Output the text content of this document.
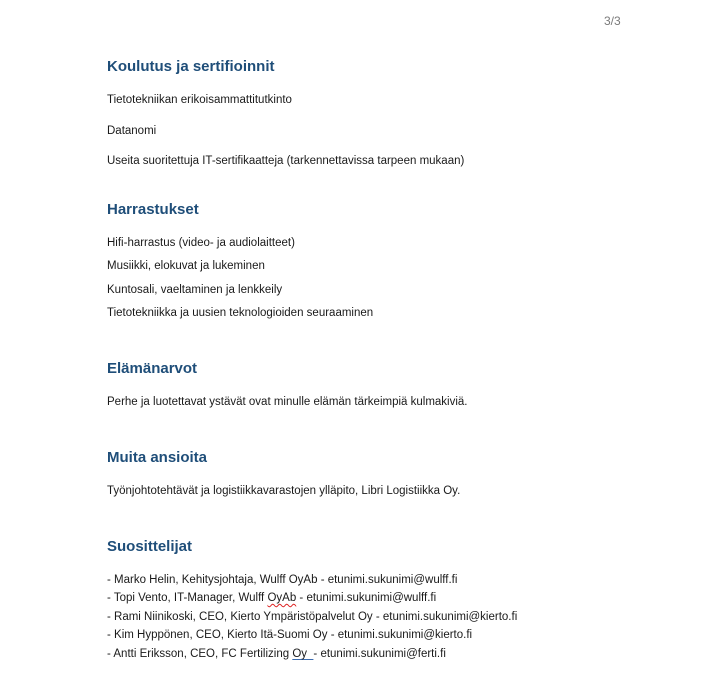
3/3
Koulutus ja sertifioinnit
Tietotekniikan erikoisammattitutkinto
Datanomi
Useita suoritettuja IT-sertifikaatteja (tarkennettavissa tarpeen mukaan)
Harrastukset
Hifi-harrastus (video- ja audiolaitteet)
Musiikki, elokuvat ja lukeminen
Kuntosali, vaeltaminen ja lenkkeily
Tietotekniikka ja uusien teknologioiden seuraaminen
Elämänarvot
Perhe ja luotettavat ystävät ovat minulle elämän tärkeimpiä kulmakiviä.
Muita ansioita
Työnjohtotehtävät ja logistiikkavarastojen ylläpito, Libri Logistiikka Oy.
Suosittelijat
- Marko Helin, Kehitysjohtaja, Wulff OyAb - etunimi.sukunimi@wulff.fi
- Topi Vento, IT-Manager, Wulff OyAb - etunimi.sukunimi@wulff.fi
- Rami Niinikoski, CEO, Kierto Ympäristöpalvelut Oy - etunimi.sukunimi@kierto.fi
- Kim Hyppönen, CEO, Kierto Itä-Suomi Oy - etunimi.sukunimi@kierto.fi
- Antti Eriksson, CEO, FC Fertilizing Oy  - etunimi.sukunimi@ferti.fi
